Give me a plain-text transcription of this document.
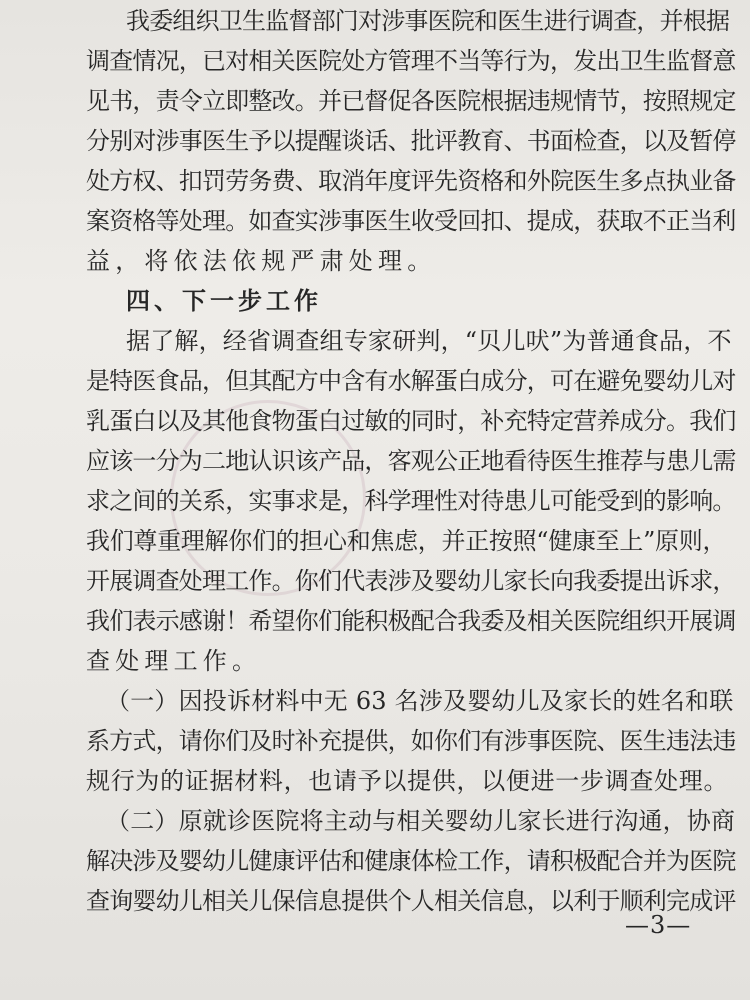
我委组织卫生监督部门对涉事医院和医生进行调查，并根据
调查情况，已对相关医院处方管理不当等行为，发出卫生监督意
见书，责令立即整改。并已督促各医院根据违规情节，按照规定
分别对涉事医生予以提醒谈话、批评教育、书面检查，以及暂停
处方权、扣罚劳务费、取消年度评先资格和外院医生多点执业备
案资格等处理。如查实涉事医生收受回扣、提成，获取不正当利
益，将依法依规严肃处理。
四、下一步工作
据了解，经省调查组专家研判，“贝儿吠”为普通食品，不
是特医食品，但其配方中含有水解蛋白成分，可在避免婴幼儿对
乳蛋白以及其他食物蛋白过敏的同时，补充特定营养成分。我们
应该一分为二地认识该产品，客观公正地看待医生推荐与患儿需
求之间的关系，实事求是，科学理性对待患儿可能受到的影响。
我们尊重理解你们的担心和焦虑，并正按照“健康至上”原则，
开展调查处理工作。你们代表涉及婴幼儿家长向我委提出诉求，
我们表示感谢！希望你们能积极配合我委及相关医院组织开展调
查处理工作。
（一）因投诉材料中无 63 名涉及婴幼儿及家长的姓名和联
系方式，请你们及时补充提供，如你们有涉事医院、医生违法违
规行为的证据材料，也请予以提供，以便进一步调查处理。
（二）原就诊医院将主动与相关婴幼儿家长进行沟通，协商
解决涉及婴幼儿健康评估和健康体检工作，请积极配合并为医院
查询婴幼儿相关儿保信息提供个人相关信息，以利于顺利完成评
—3—
